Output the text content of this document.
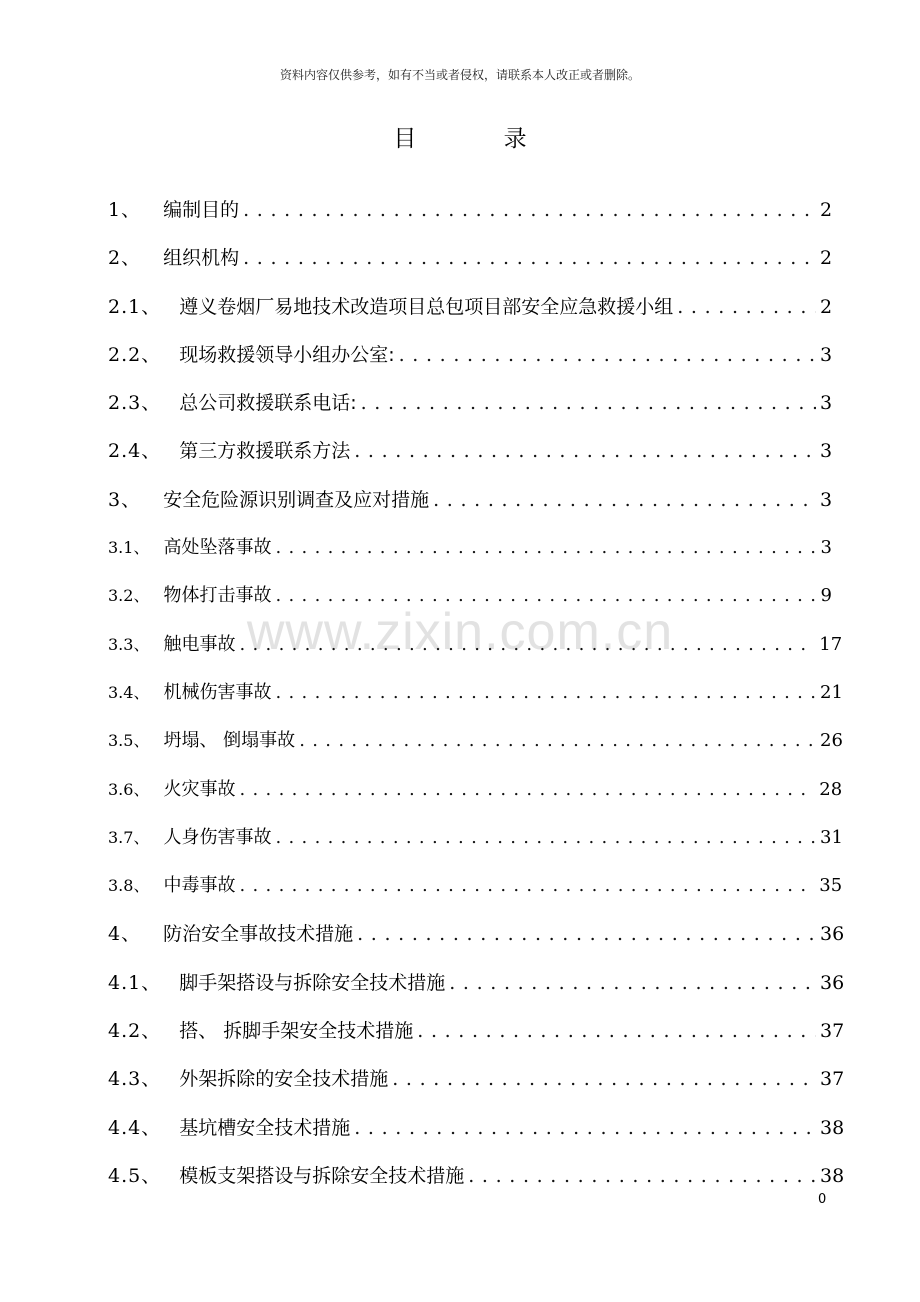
资料内容仅供参考，如有不当或者侵权，请联系本人改正或者删除。
目 录
www.zixin.com.cn
1、 编制目的 . . .	2
2、 组织机构 . . .	2
2.1、 遵义卷烟厂易地技术改造项目总包项目部安全应急救援小组 . . .	2
2.2、 现场救援领导小组办公室: . . .	3
2.3、 总公司救援联系电话: . . .	3
2.4、 第三方救援联系方法 . . .	3
3、 安全危险源识别调查及应对措施 . . .	3
3.1、 高处坠落事故 . . .	3
3.2、 物体打击事故 . . .	9
3.3、 触电事故 . . .	17
3.4、 机械伤害事故 . . .	21
3.5、 坍塌、 倒塌事故 . . .	26
3.6、 火灾事故 . . .	28
3.7、 人身伤害事故 . . .	31
3.8、 中毒事故 . . .	35
4、 防治安全事故技术措施 . . .	36
4.1、 脚手架搭设与拆除安全技术措施 . . .	36
4.2、 搭、 拆脚手架安全技术措施 . . .	37
4.3、 外架拆除的安全技术措施 . . .	37
4.4、 基坑槽安全技术措施 . . .	38
4.5、 模板支架搭设与拆除安全技术措施 . . .	38
0
